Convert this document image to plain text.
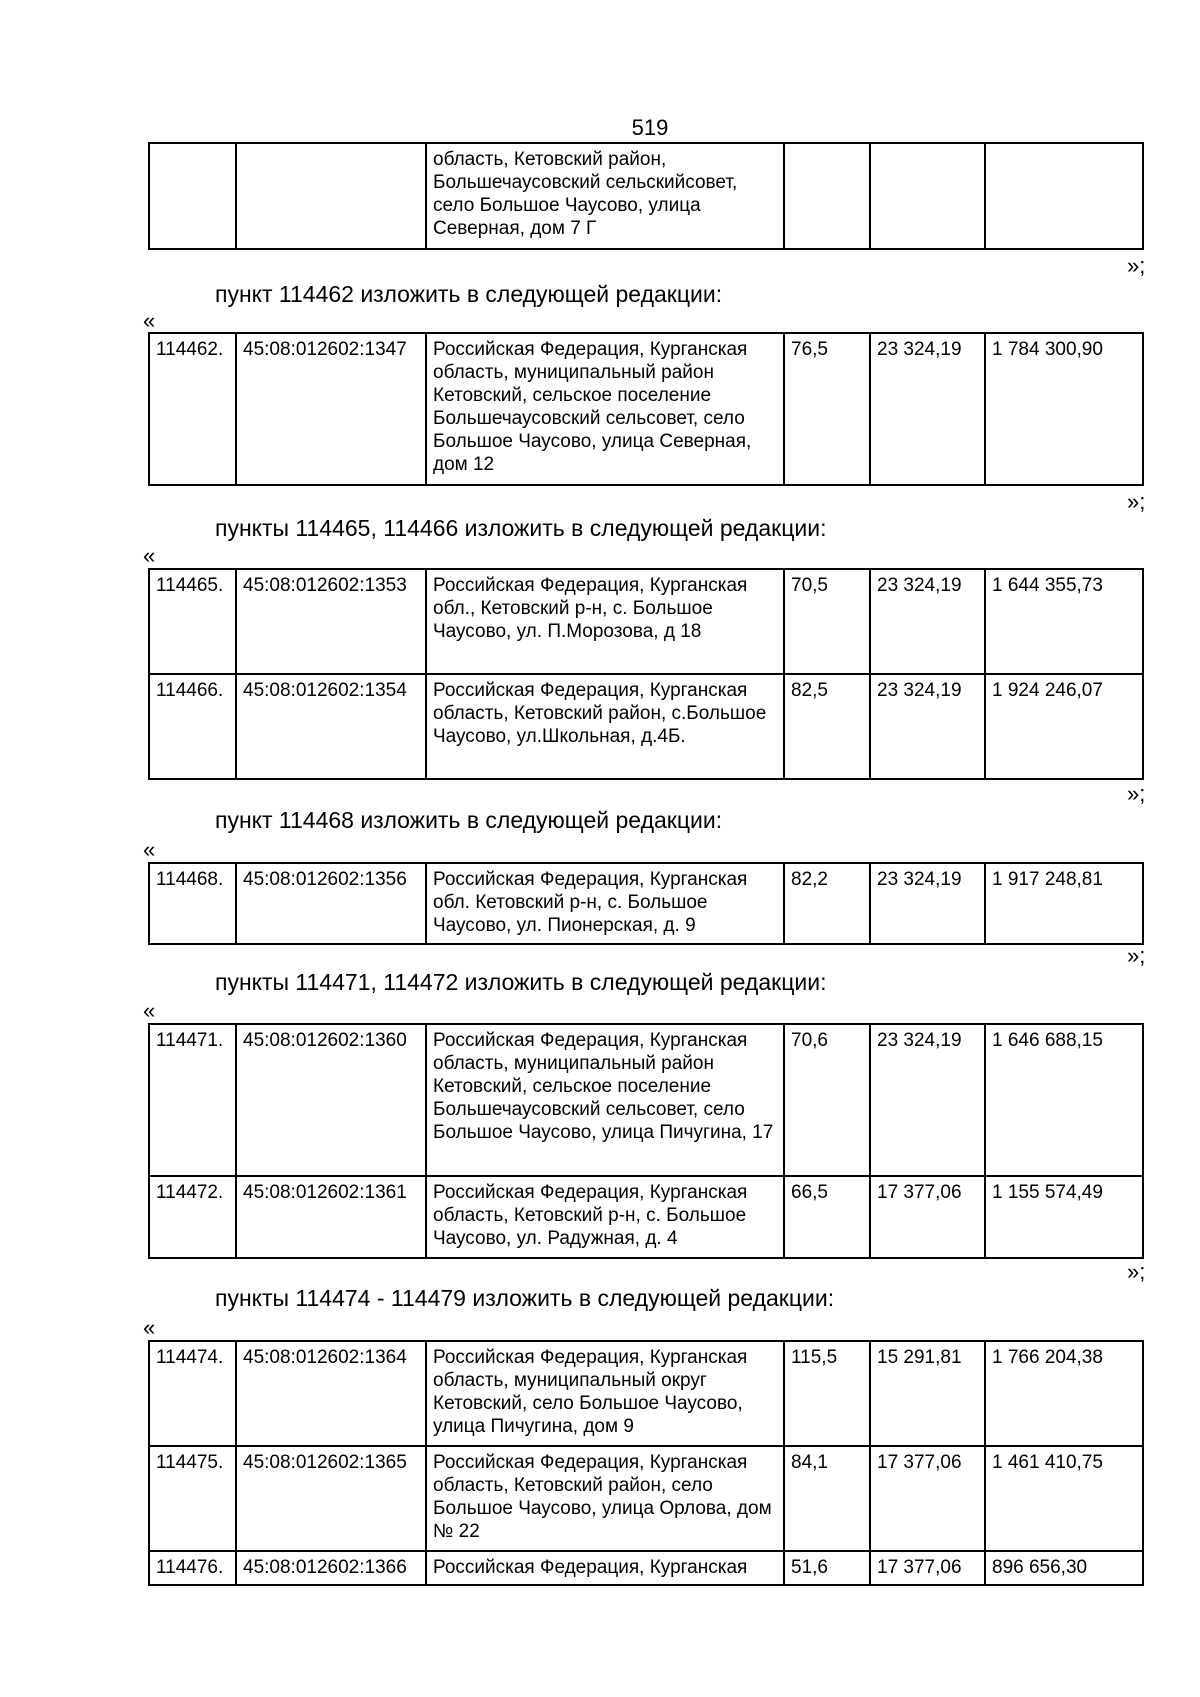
519
		область, Кетовский район, Большечаусовский сельскийсовет, село Большое Чаусово, улица Северная, дом 7 Г			
»;
пункт 114462 изложить в следующей редакции:
«
114462.	45:08:012602:1347	Российская Федерация, Курганская область, муниципальный район Кетовский, сельское поселение Большечаусовский сельсовет, село Большое Чаусово, улица Северная, дом 12	76,5	23 324,19	1 784 300,90
»;
пункты 114465, 114466 изложить в следующей редакции:
«
114465.	45:08:012602:1353	Российская Федерация, Курганская обл., Кетовский р-н, с. Большое Чаусово, ул. П.Морозова, д 18	70,5	23 324,19	1 644 355,73
114466.	45:08:012602:1354	Российская Федерация, Курганская область, Кетовский район, с.Большое Чаусово, ул.Школьная, д.4Б.	82,5	23 324,19	1 924 246,07
»;
пункт 114468 изложить в следующей редакции:
«
114468.	45:08:012602:1356	Российская Федерация, Курганская обл. Кетовский р-н, с. Большое Чаусово, ул. Пионерская, д. 9	82,2	23 324,19	1 917 248,81
»;
пункты 114471, 114472 изложить в следующей редакции:
«
114471.	45:08:012602:1360	Российская Федерация, Курганская область, муниципальный район Кетовский, сельское поселение Большечаусовский сельсовет, село Большое Чаусово, улица Пичугина, 17	70,6	23 324,19	1 646 688,15
114472.	45:08:012602:1361	Российская Федерация, Курганская область, Кетовский р-н, с. Большое Чаусово, ул. Радужная, д. 4	66,5	17 377,06	1 155 574,49
»;
пункты 114474 - 114479 изложить в следующей редакции:
«
114474.	45:08:012602:1364	Российская Федерация, Курганская область, муниципальный округ Кетовский, село Большое Чаусово, улица Пичугина, дом 9	115,5	15 291,81	1 766 204,38
114475.	45:08:012602:1365	Российская Федерация, Курганская область, Кетовский район, село Большое Чаусово, улица Орлова, дом № 22	84,1	17 377,06	1 461 410,75
114476.	45:08:012602:1366	Российская Федерация, Курганская	51,6	17 377,06	896 656,30
